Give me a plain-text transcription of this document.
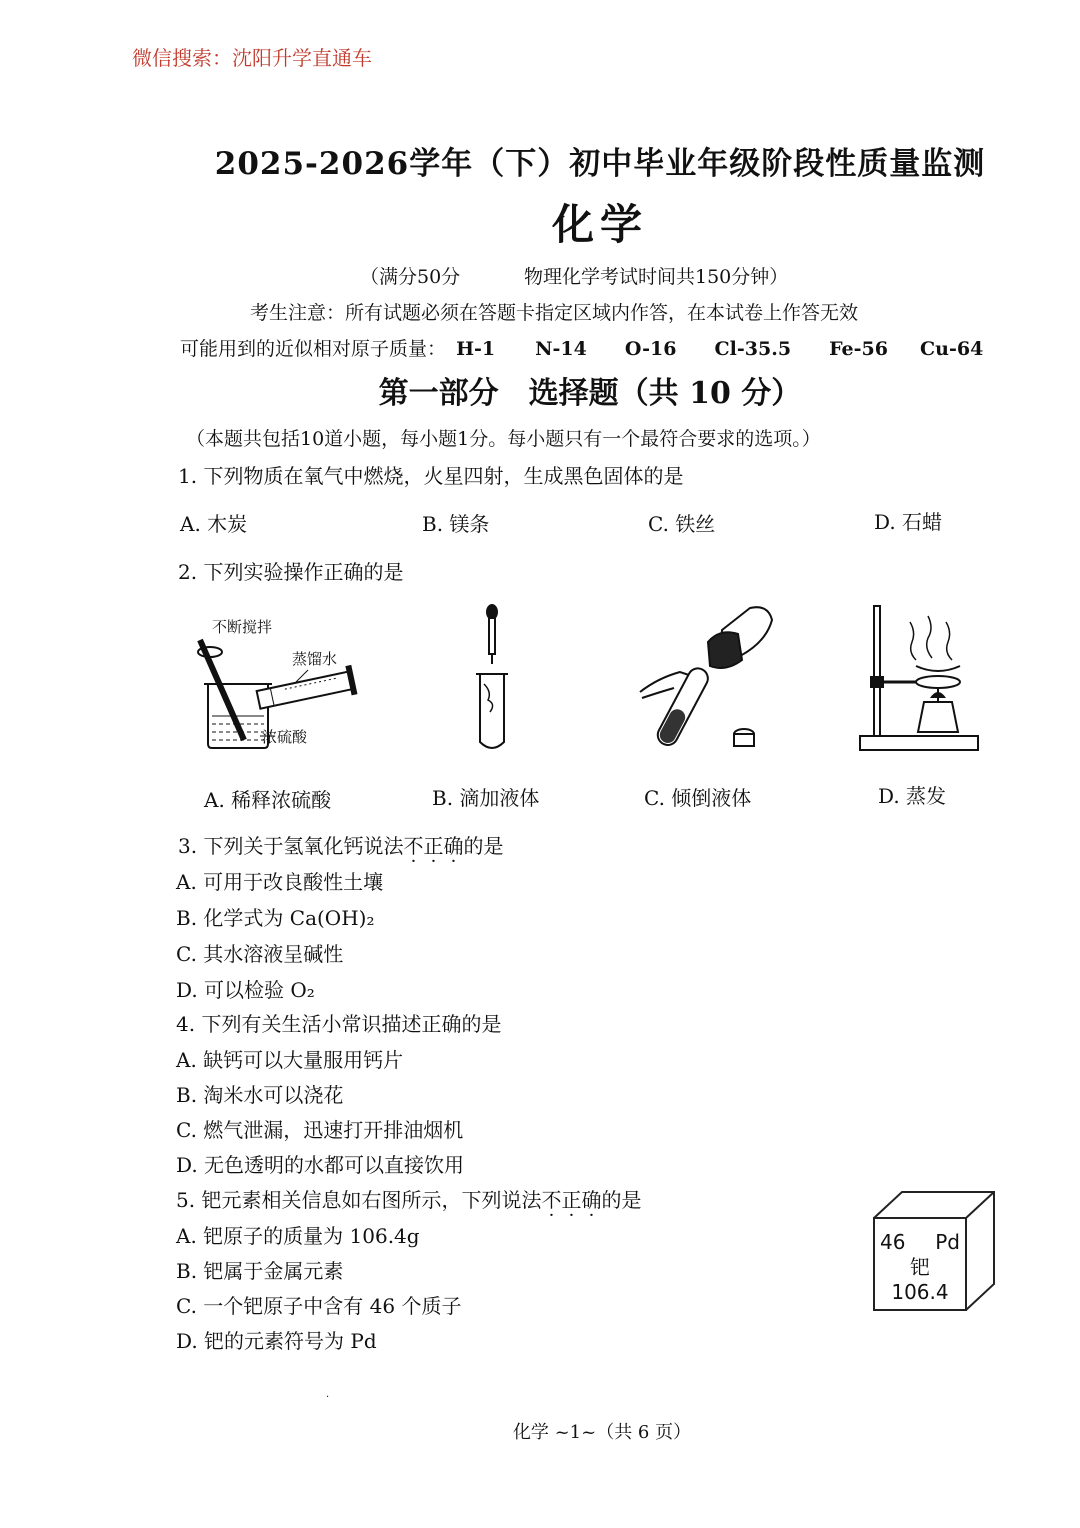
微信搜索：沈阳升学直通车
2025-2026学年（下）初中毕业年级阶段性质量监测
化学
（满分50分	物理化学考试时间共150分钟）
考生注意：所有试题必须在答题卡指定区域内作答，在本试卷上作答无效
可能用到的近似相对原子质量： H-1 N-14 O-16 Cl-35.5 Fe-56 Cu-64
第一部分　选择题（共 10 分）
（本题共包括10道小题，每小题1分。每小题只有一个最符合要求的选项。）
1. 下列物质在氧气中燃烧，火星四射，生成黑色固体的是
A. 木炭	B. 镁条	C. 铁丝	D. 石蜡
2. 下列实验操作正确的是
不断搅拌
蒸馏水
浓硫酸
A. 稀释浓硫酸	B. 滴加液体	C. 倾倒液体	D. 蒸发
3. 下列关于氢氧化钙说法不正确的是
A. 可用于改良酸性土壤
B. 化学式为 Ca(OH)₂
C. 其水溶液呈碱性
D. 可以检验 O₂
4. 下列有关生活小常识描述正确的是
A. 缺钙可以大量服用钙片
B. 淘米水可以浇花
C. 燃气泄漏，迅速打开排油烟机
D. 无色透明的水都可以直接饮用
5. 钯元素相关信息如右图所示，下列说法不正确的是
A. 钯原子的质量为 106.4g
B. 钯属于金属元素
C. 一个钯原子中含有 46 个质子
D. 钯的元素符号为 Pd
46 Pd
钯
106.4
·
化学 ~1~（共 6 页）
